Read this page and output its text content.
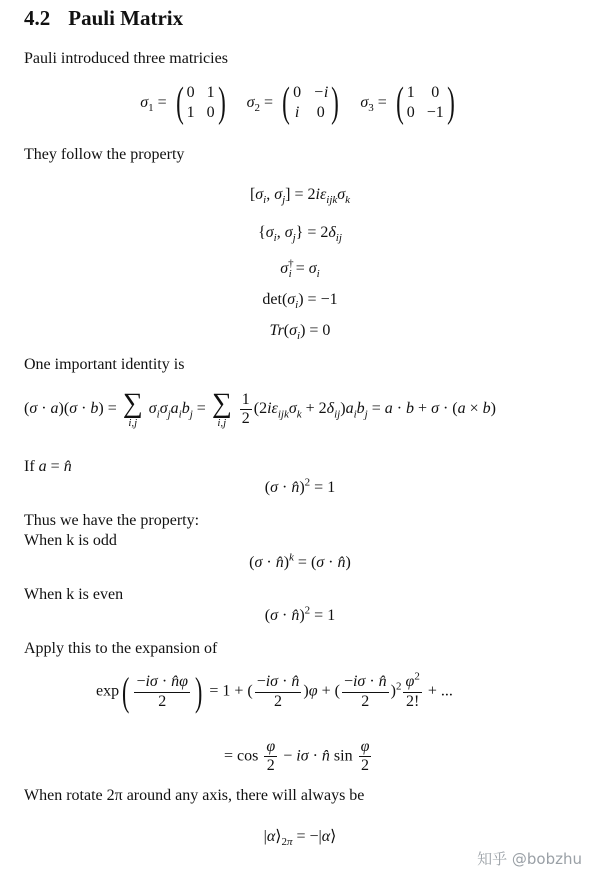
4.2 Pauli Matrix
Pauli introduced three matricies
$\sigma_1$ = ( 0 1
1 0 ) $\sigma_2$ = ( 0 −i
i 0 ) $\sigma_3$ = ( 1 0
0 −1 )
They follow the property
[$\sigma_i$, $\sigma_j] = 2i\varepsilon_{ijk}\sigma_k$
{$\sigma_i$, $\sigma_j\} = 2\delta_{ij}$
$\sigma^\dagger_i = \sigma_i$
$\det(\sigma_i) = -1$
$Tr(\sigma_i) = 0$
One important identity is
(σ · a)(σ · b) = ∑
i,j
$\sigma_i\sigma_ja_ib_j$ = ∑
i,j
$\frac{1}{2} (2i\varepsilon_{ijk}\sigma_k + 2\delta_{ij})a_ib_j = a \cdot b + \sigma \cdot (a \times b)$
If a = n̂
(σ · n̂)$^2$ = 1
Thus we have the property:
When k is odd
(σ · n̂)$^k$ = (σ · n̂)
When k is even
(σ · n̂)$^2$ = 1
Apply this to the expansion of
$\exp( \frac{-i\sigma \cdot n̂\varphi}{2}$ ) = 1 + ( $\frac{-i\sigma \cdot n̂}{2} )\varphi$ + ( $\frac{-i\sigma \cdot n̂}{2} )^2 \frac{\varphi^2}{2!}$ + ...
= $\cos \frac{\varphi}{2} - i\sigma$ · n̂ $\sin \frac{\varphi}{2}$
When rotate 2π around any axis, there will always be
$|\alpha⟩_{2\pi}$ = −|α⟩
知乎 @bobzhu
